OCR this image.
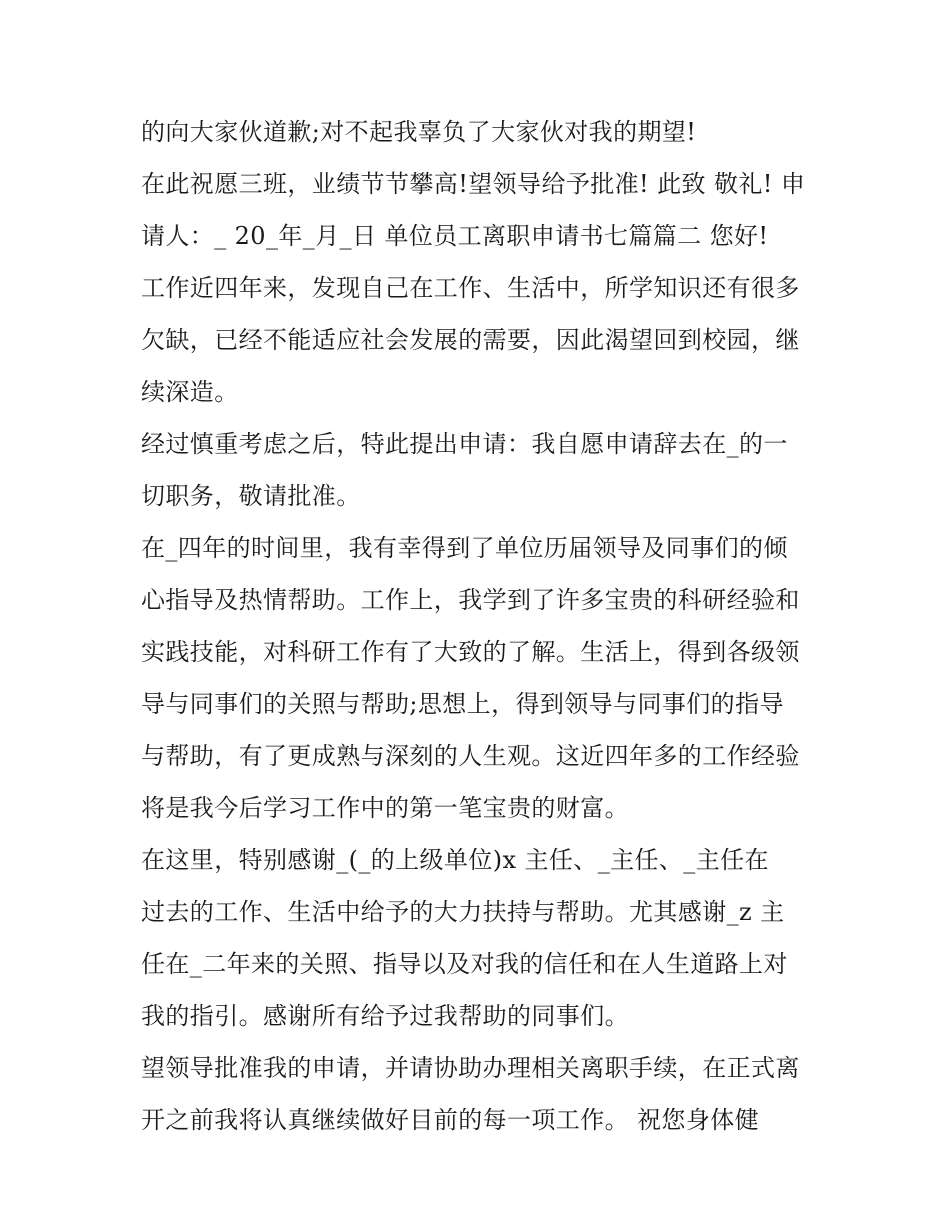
的向大家伙道歉;对不起我辜负了大家伙对我的期望!
在此祝愿三班，业绩节节攀高!望领导给予批准! 此致 敬礼! 申
请人：_ 20_年_月_日 单位员工离职申请书七篇篇二 您好!
工作近四年来，发现自己在工作、生活中，所学知识还有很多
欠缺，已经不能适应社会发展的需要，因此渴望回到校园，继
续深造。
经过慎重考虑之后，特此提出申请：我自愿申请辞去在_的一
切职务，敬请批准。
在_四年的时间里，我有幸得到了单位历届领导及同事们的倾
心指导及热情帮助。工作上，我学到了许多宝贵的科研经验和
实践技能，对科研工作有了大致的了解。生活上，得到各级领
导与同事们的关照与帮助;思想上，得到领导与同事们的指导
与帮助，有了更成熟与深刻的人生观。这近四年多的工作经验
将是我今后学习工作中的第一笔宝贵的财富。
在这里，特别感谢_(_的上级单位)x 主任、_主任、_主任在
过去的工作、生活中给予的大力扶持与帮助。尤其感谢_z 主
任在_二年来的关照、指导以及对我的信任和在人生道路上对
我的指引。感谢所有给予过我帮助的同事们。
望领导批准我的申请，并请协助办理相关离职手续，在正式离
开之前我将认真继续做好目前的每一项工作。 祝您身体健
